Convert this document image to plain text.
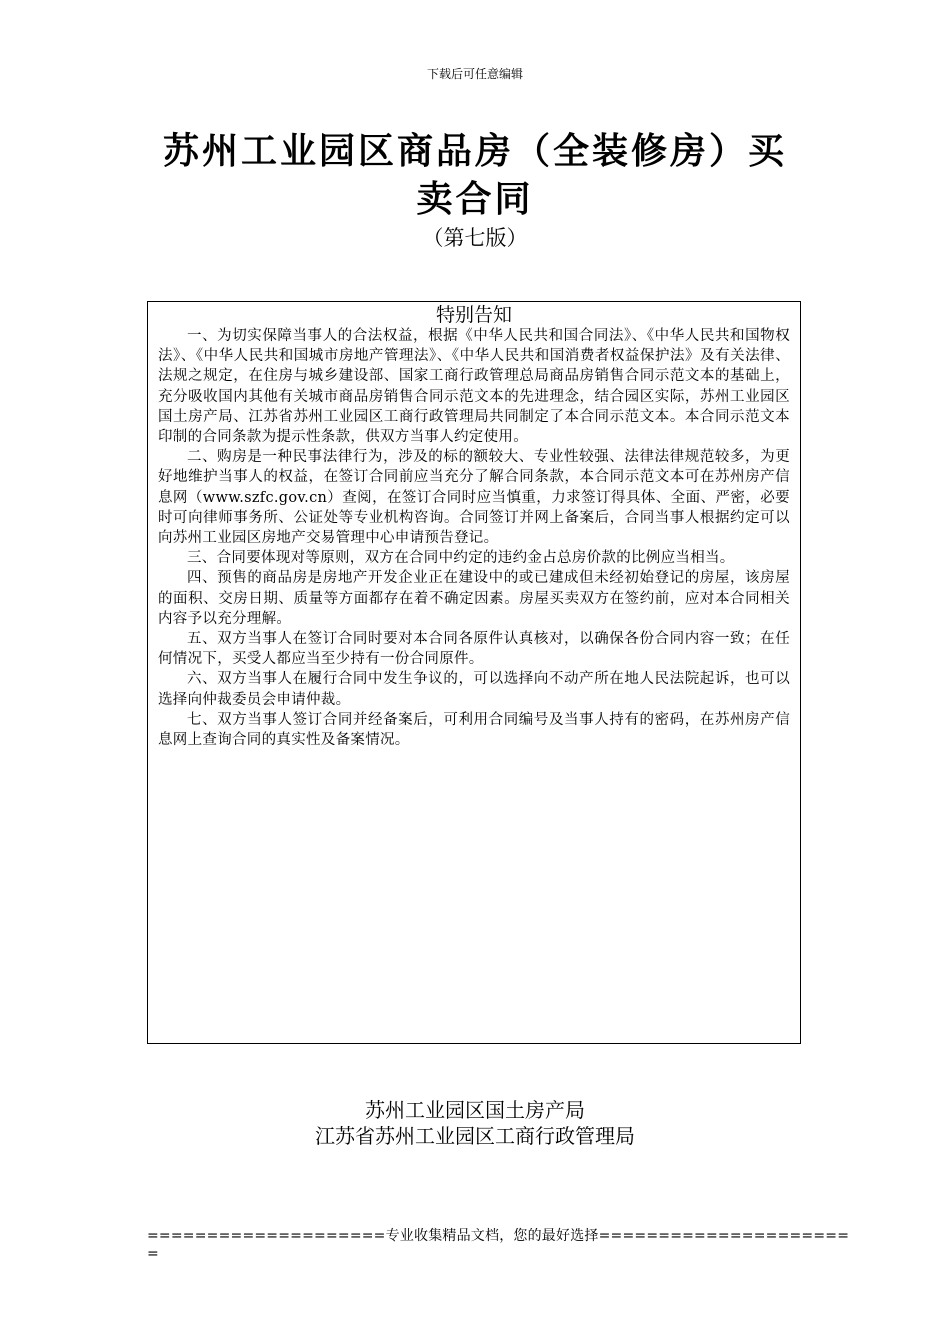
下载后可任意编辑
苏州工业园区商品房（全装修房）买卖合同
（第七版）
特别告知

一、为切实保障当事人的合法权益，根据《中华人民共和国合同法》、《中华人民共和国物权法》、《中华人民共和国城市房地产管理法》、《中华人民共和国消费者权益保护法》及有关法律、法规之规定，在住房与城乡建设部、国家工商行政管理总局商品房销售合同示范文本的基础上，充分吸收国内其他有关城市商品房销售合同示范文本的先进理念，结合园区实际，苏州工业园区国土房产局、江苏省苏州工业园区工商行政管理局共同制定了本合同示范文本。本合同示范文本印制的合同条款为提示性条款，供双方当事人约定使用。

二、购房是一种民事法律行为，涉及的标的额较大、专业性较强、法律法律规范较多，为更好地维护当事人的权益，在签订合同前应当充分了解合同条款，本合同示范文本可在苏州房产信息网（www.szfc.gov.cn）查阅，在签订合同时应当慎重，力求签订得具体、全面、严密，必要时可向律师事务所、公证处等专业机构咨询。合同签订并网上备案后，合同当事人根据约定可以向苏州工业园区房地产交易管理中心申请预告登记。

三、合同要体现对等原则，双方在合同中约定的违约金占总房价款的比例应当相当。

四、预售的商品房是房地产开发企业正在建设中的或已建成但未经初始登记的房屋，该房屋的面积、交房日期、质量等方面都存在着不确定因素。房屋买卖双方在签约前，应对本合同相关内容予以充分理解。

五、双方当事人在签订合同时要对本合同各原件认真核对，以确保各份合同内容一致；在任何情况下，买受人都应当至少持有一份合同原件。

六、双方当事人在履行合同中发生争议的，可以选择向不动产所在地人民法院起诉，也可以选择向仲裁委员会申请仲裁。

七、双方当事人签订合同并经备案后，可利用合同编号及当事人持有的密码，在苏州房产信息网上查询合同的真实性及备案情况。

苏州工业园区国土房产局
江苏省苏州工业园区工商行政管理局
====================专业收集精品文档，您的最好选择=====================
=
